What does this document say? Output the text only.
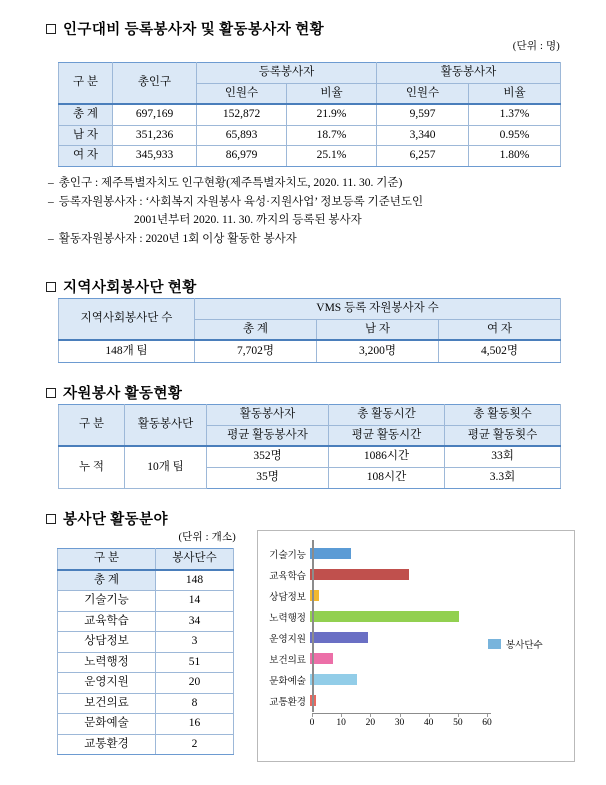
인구대비 등록봉사자 및 활동봉사자 현황
(단위 : 명)
구 분	총인구	등록봉사자		활동봉사자	
		인원수	비율	인원수	비율
총 계	697,169	152,872	21.9%	9,597	1.37%
남 자	351,236	65,893	18.7%	3,340	0.95%
여 자	345,933	86,979	25.1%	6,257	1.80%
– 총인구 : 제주특별자치도 인구현황(제주특별자치도, 2020. 11. 30. 기준)
– 등록자원봉사자 : ‘사회복지 자원봉사 육성·지원사업’ 정보등록 기준년도인
2001년부터 2020. 11. 30. 까지의 등록된 봉사자
– 활동자원봉사자 : 2020년 1회 이상 활동한 봉사자
지역사회봉사단 현황
지역사회봉사단 수	VMS 등록 자원봉사자 수		
	총 계	남 자	여 자
148개 팀	7,702명	3,200명	4,502명
자원봉사 활동현황
구 분	활동봉사단	활동봉사자	총 활동시간	총 활동횟수
		평균 활동봉사자	평균 활동시간	평균 활동횟수
누 적	10개 팀	352명	1086시간	33회
		35명	108시간	3.3회
봉사단 활동분야
(단위 : 개소)
구 분	봉사단수
총 계	148
기술기능	14
교육학습	34
상담정보	3
노력행정	51
운영지원	20
보건의료	8
문화예술	16
교통환경	2
기술기능
교육학습
상담정보
노력행정
운영지원
보건의료
문화예술
교통환경
0 10 20 30 40 50 60
봉사단수
